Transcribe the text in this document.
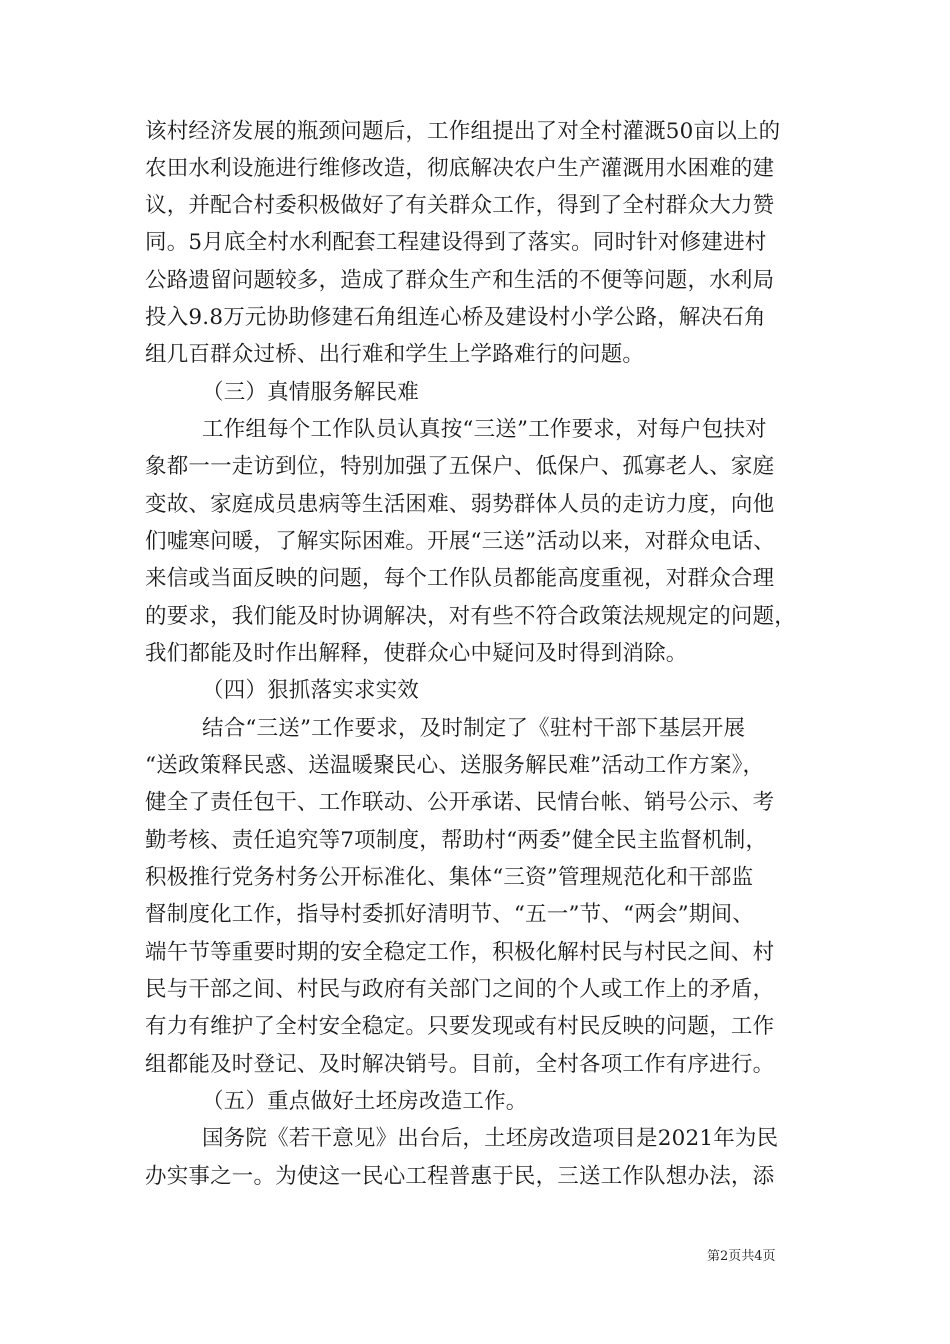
该村经济发展的瓶颈问题后，工作组提出了对全村灌溉50亩以上的
农田水利设施进行维修改造，彻底解决农户生产灌溉用水困难的建
议，并配合村委积极做好了有关群众工作，得到了全村群众大力赞
同。5月底全村水利配套工程建设得到了落实。同时针对修建进村
公路遗留问题较多，造成了群众生产和生活的不便等问题，水利局
投入9.8万元协助修建石角组连心桥及建设村小学公路，解决石角
组几百群众过桥、出行难和学生上学路难行的问题。
（三）真情服务解民难
工作组每个工作队员认真按“三送”工作要求，对每户包扶对
象都一一走访到位，特别加强了五保户、低保户、孤寡老人、家庭
变故、家庭成员患病等生活困难、弱势群体人员的走访力度，向他
们嘘寒问暖，了解实际困难。开展“三送”活动以来，对群众电话、
来信或当面反映的问题，每个工作队员都能高度重视，对群众合理
的要求，我们能及时协调解决，对有些不符合政策法规规定的问题，
我们都能及时作出解释，使群众心中疑问及时得到消除。
（四）狠抓落实求实效
结合“三送”工作要求，及时制定了《驻村干部下基层开展
“送政策释民惑、送温暖聚民心、送服务解民难”活动工作方案》，
健全了责任包干、工作联动、公开承诺、民情台帐、销号公示、考
勤考核、责任追究等7项制度，帮助村“两委”健全民主监督机制，
积极推行党务村务公开标准化、集体“三资”管理规范化和干部监
督制度化工作，指导村委抓好清明节、“五一”节、“两会”期间、
端午节等重要时期的安全稳定工作，积极化解村民与村民之间、村
民与干部之间、村民与政府有关部门之间的个人或工作上的矛盾，
有力有维护了全村安全稳定。只要发现或有村民反映的问题，工作
组都能及时登记、及时解决销号。目前，全村各项工作有序进行。
（五）重点做好土坯房改造工作。
国务院《若干意见》出台后，土坯房改造项目是2021年为民
办实事之一。为使这一民心工程普惠于民，三送工作队想办法，添
第2页共4页
